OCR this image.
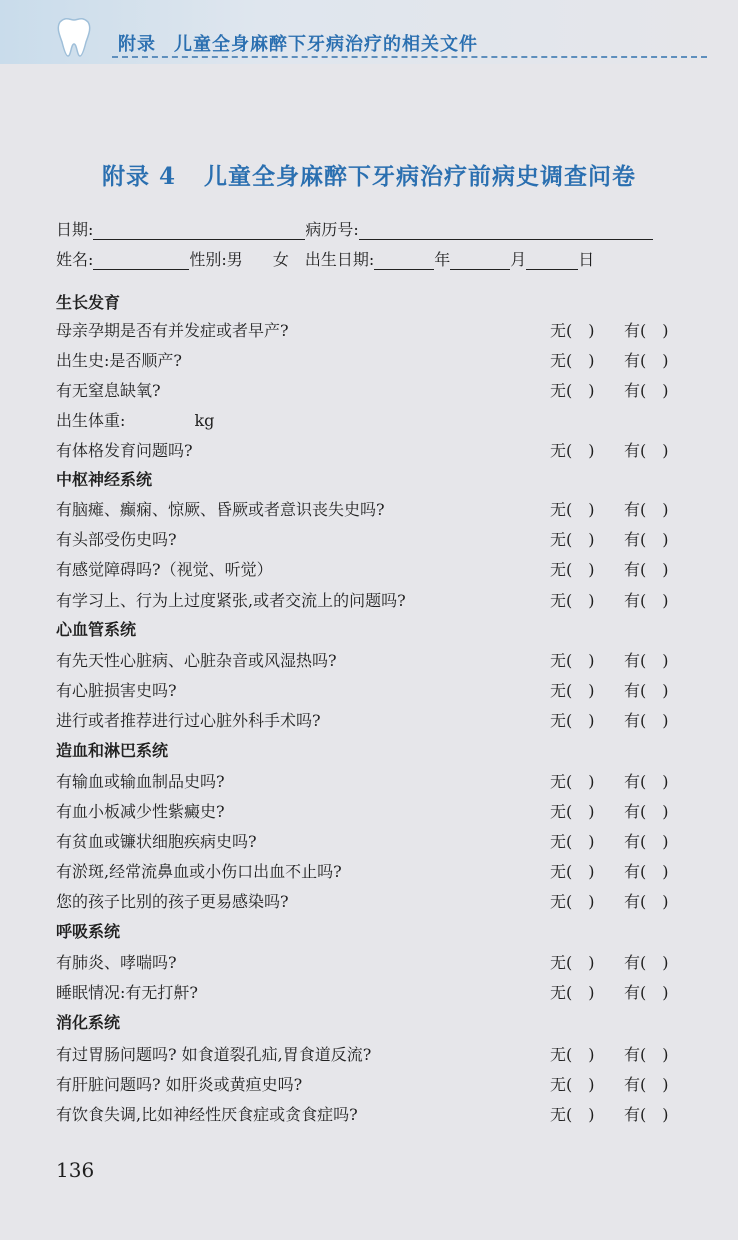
附录 儿童全身麻醉下牙病治疗的相关文件
附录 4 儿童全身麻醉下牙病治疗前病史调查问卷
日期:	病历号:
姓名:	性别:男 女 出生日期:	年	月	日
生长发育
母亲孕期是否有并发症或者早产?	无(　) 有(　)
出生史:是否顺产?	无(　) 有(　)
有无窒息缺氧?	无(　) 有(　)
出生体重:　　　　 kg
有体格发育问题吗?	无(　) 有(　)
中枢神经系统
有脑瘫、癫痫、惊厥、昏厥或者意识丧失史吗?	无(　) 有(　)
有头部受伤史吗?	无(　) 有(　)
有感觉障碍吗?（视觉、听觉）	无(　) 有(　)
有学习上、行为上过度紧张,或者交流上的问题吗?	无(　) 有(　)
心血管系统
有先天性心脏病、心脏杂音或风湿热吗?	无(　) 有(　)
有心脏损害史吗?	无(　) 有(　)
进行或者推荐进行过心脏外科手术吗?	无(　) 有(　)
造血和淋巴系统
有输血或输血制品史吗?	无(　) 有(　)
有血小板减少性紫癜史?	无(　) 有(　)
有贫血或镰状细胞疾病史吗?	无(　) 有(　)
有淤斑,经常流鼻血或小伤口出血不止吗?	无(　) 有(　)
您的孩子比别的孩子更易感染吗?	无(　) 有(　)
呼吸系统
有肺炎、哮喘吗?	无(　) 有(　)
睡眠情况:有无打鼾?	无(　) 有(　)
消化系统
有过胃肠问题吗? 如食道裂孔疝,胃食道反流?	无(　) 有(　)
有肝脏问题吗? 如肝炎或黄疸史吗?	无(　) 有(　)
有饮食失调,比如神经性厌食症或贪食症吗?	无(　) 有(　)
136
